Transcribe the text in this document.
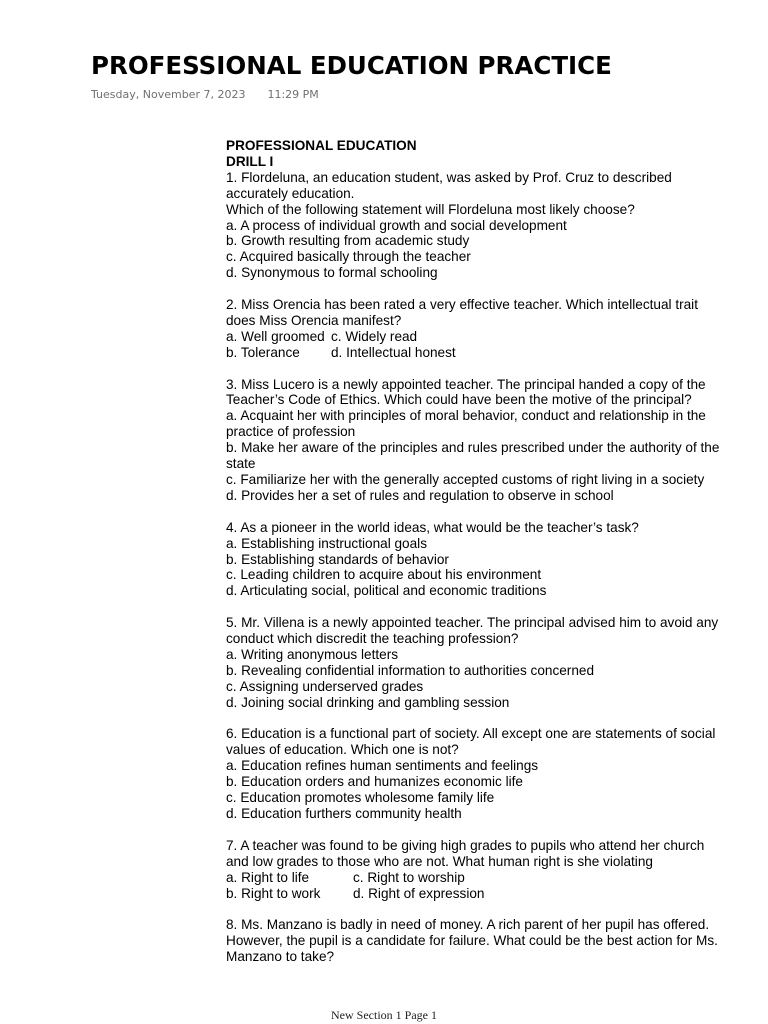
PROFESSIONAL EDUCATION PRACTICE
Tuesday, November 7, 2023 11:29 PM
PROFESSIONAL EDUCATION
DRILL I
1. Flordeluna, an education student, was asked by Prof. Cruz to described
accurately education.
Which of the following statement will Flordeluna most likely choose?
a. A process of individual growth and social development
b. Growth resulting from academic study
c. Acquired basically through the teacher
d. Synonymous to formal schooling
2. Miss Orencia has been rated a very effective teacher. Which intellectual trait
does Miss Orencia manifest?
a. Well groomed c. Widely read
b. Tolerance d. Intellectual honest
3. Miss Lucero is a newly appointed teacher. The principal handed a copy of the
Teacher’s Code of Ethics. Which could have been the motive of the principal?
a. Acquaint her with principles of moral behavior, conduct and relationship in the
practice of profession
b. Make her aware of the principles and rules prescribed under the authority of the
state
c. Familiarize her with the generally accepted customs of right living in a society
d. Provides her a set of rules and regulation to observe in school
4. As a pioneer in the world ideas, what would be the teacher’s task?
a. Establishing instructional goals
b. Establishing standards of behavior
c. Leading children to acquire about his environment
d. Articulating social, political and economic traditions
5. Mr. Villena is a newly appointed teacher. The principal advised him to avoid any
conduct which discredit the teaching profession?
a. Writing anonymous letters
b. Revealing confidential information to authorities concerned
c. Assigning underserved grades
d. Joining social drinking and gambling session
6. Education is a functional part of society. All except one are statements of social
values of education. Which one is not?
a. Education refines human sentiments and feelings
b. Education orders and humanizes economic life
c. Education promotes wholesome family life
d. Education furthers community health
7. A teacher was found to be giving high grades to pupils who attend her church
and low grades to those who are not. What human right is she violating
a. Right to life	c. Right to worship
b. Right to work d. Right of expression
8. Ms. Manzano is badly in need of money. A rich parent of her pupil has offered.
However, the pupil is a candidate for failure. What could be the best action for Ms.
Manzano to take?
New Section 1 Page 1
